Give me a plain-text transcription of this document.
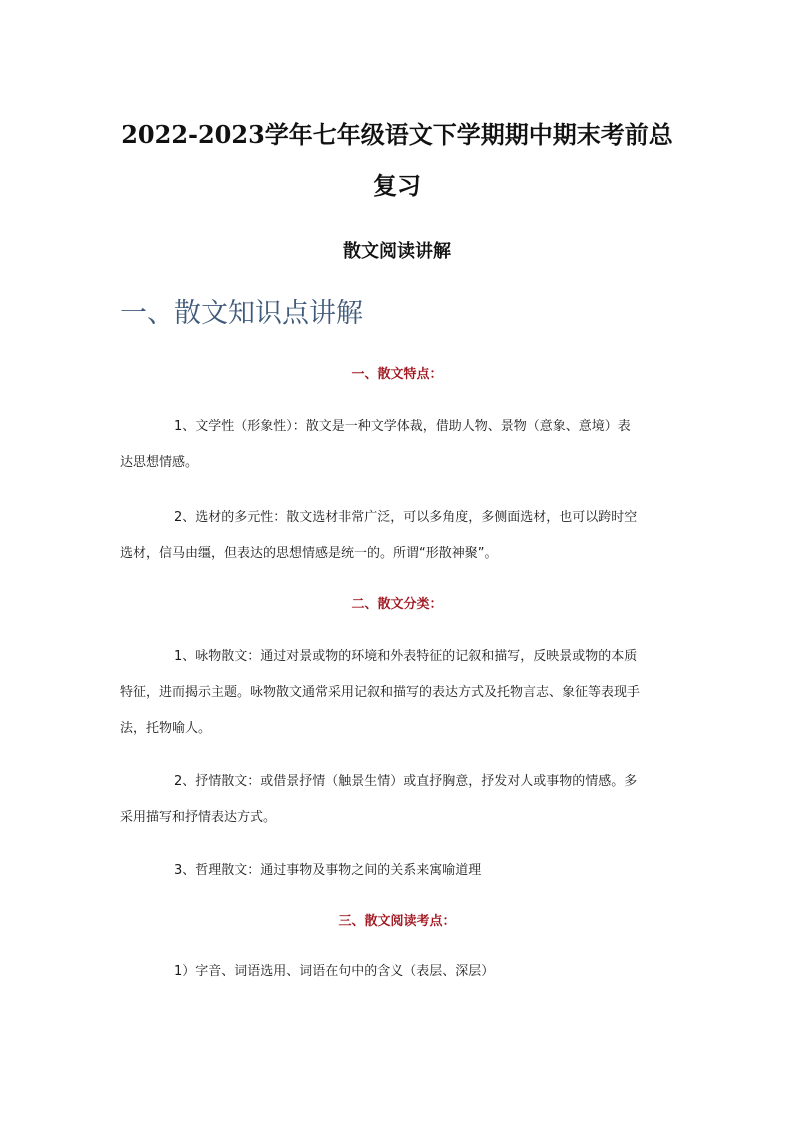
2022-2023学年七年级语文下学期期中期末考前总
复习
散文阅读讲解
一、散文知识点讲解
一、散文特点：
1、文学性（形象性）：散文是一种文学体裁，借助人物、景物（意象、意境）表
达思想情感。
2、选材的多元性：散文选材非常广泛，可以多角度，多侧面选材，也可以跨时空
选材，信马由缰，但表达的思想情感是统一的。所谓“形散神聚”。
二、散文分类：
1、咏物散文：通过对景或物的环境和外表特征的记叙和描写，反映景或物的本质
特征，进而揭示主题。咏物散文通常采用记叙和描写的表达方式及托物言志、象征等表现手
法，托物喻人。
2、抒情散文：或借景抒情（触景生情）或直抒胸意，抒发对人或事物的情感。多
采用描写和抒情表达方式。
3、哲理散文：通过事物及事物之间的关系来寓喻道理
三、散文阅读考点：
1）字音、词语选用、词语在句中的含义（表层、深层）
